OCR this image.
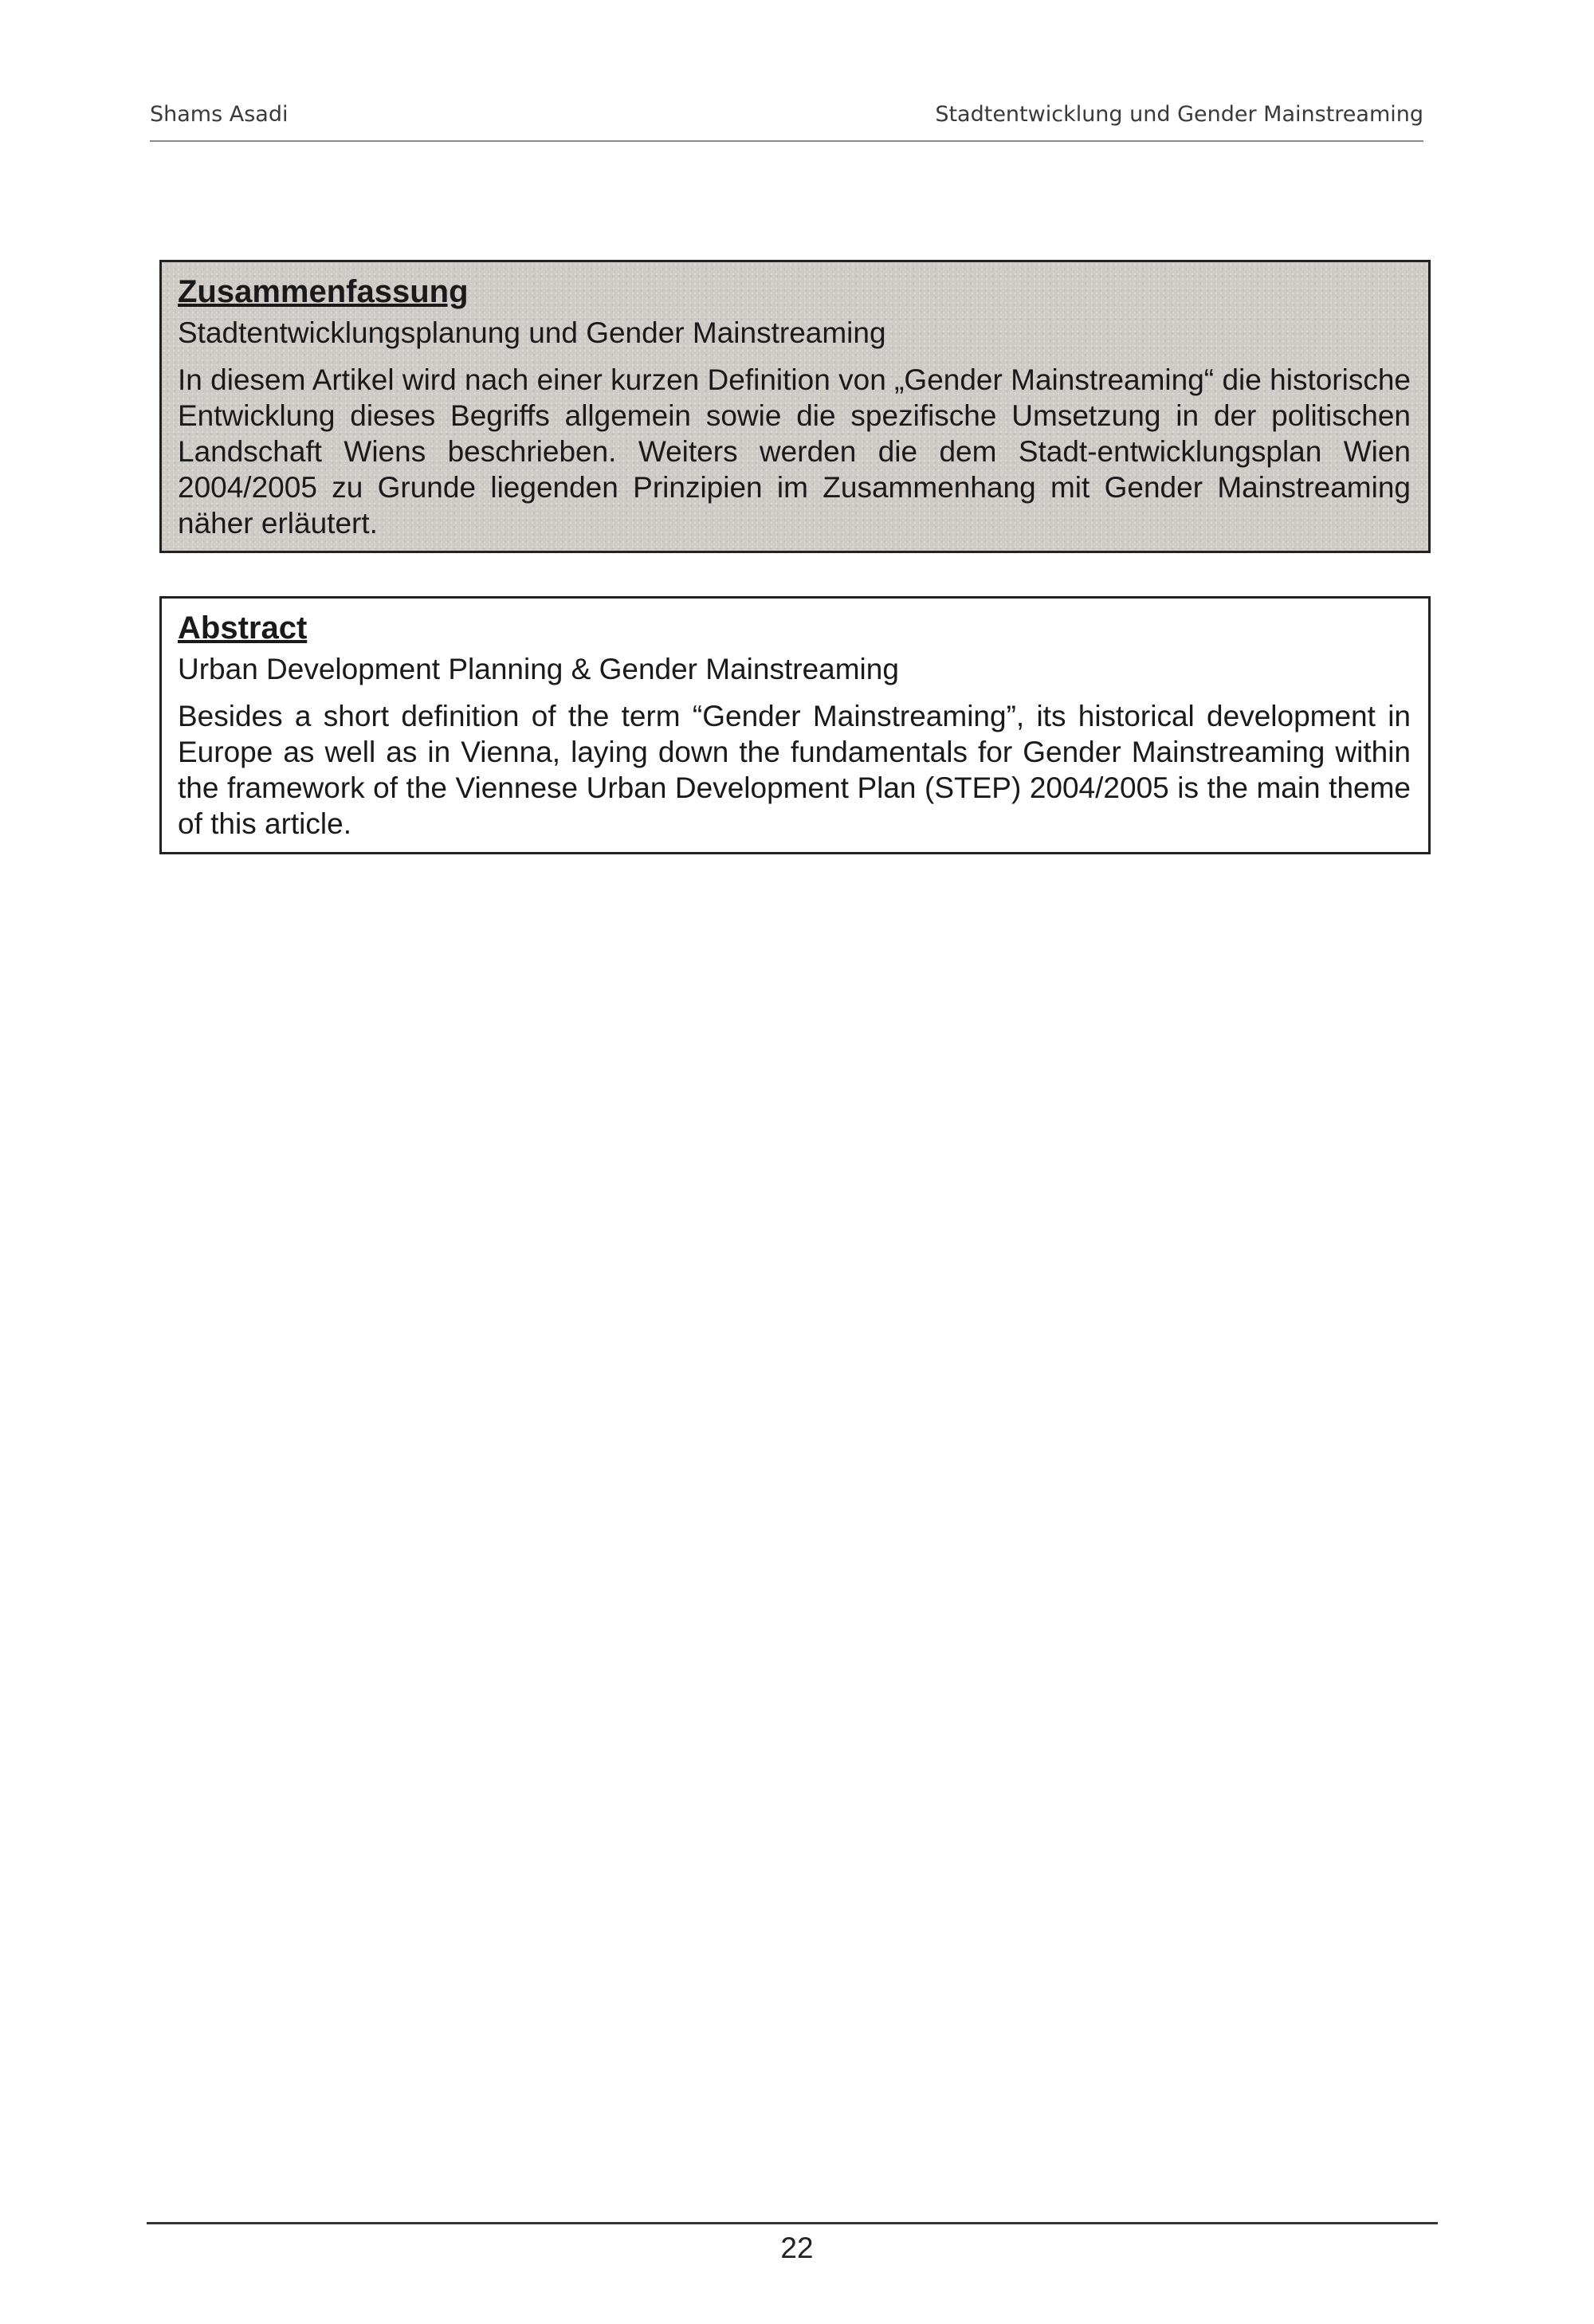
Shams Asadi	Stadtentwicklung und Gender Mainstreaming
Zusammenfassung
Stadtentwicklungsplanung und Gender Mainstreaming

In diesem Artikel wird nach einer kurzen Definition von „Gender Mainstreaming“ die historische Entwicklung dieses Begriffs allgemein sowie die spezifische Umsetzung in der politischen Landschaft Wiens beschrieben. Weiters werden die dem Stadt-entwicklungsplan Wien 2004/2005 zu Grunde liegenden Prinzipien im Zusammenhang mit Gender Mainstreaming näher erläutert.

Abstract
Urban Development Planning & Gender Mainstreaming

Besides a short definition of the term “Gender Mainstreaming”, its historical development in Europe as well as in Vienna, laying down the fundamentals for Gender Mainstreaming within the framework of the Viennese Urban Development Plan (STEP) 2004/2005 is the main theme of this article.

22
